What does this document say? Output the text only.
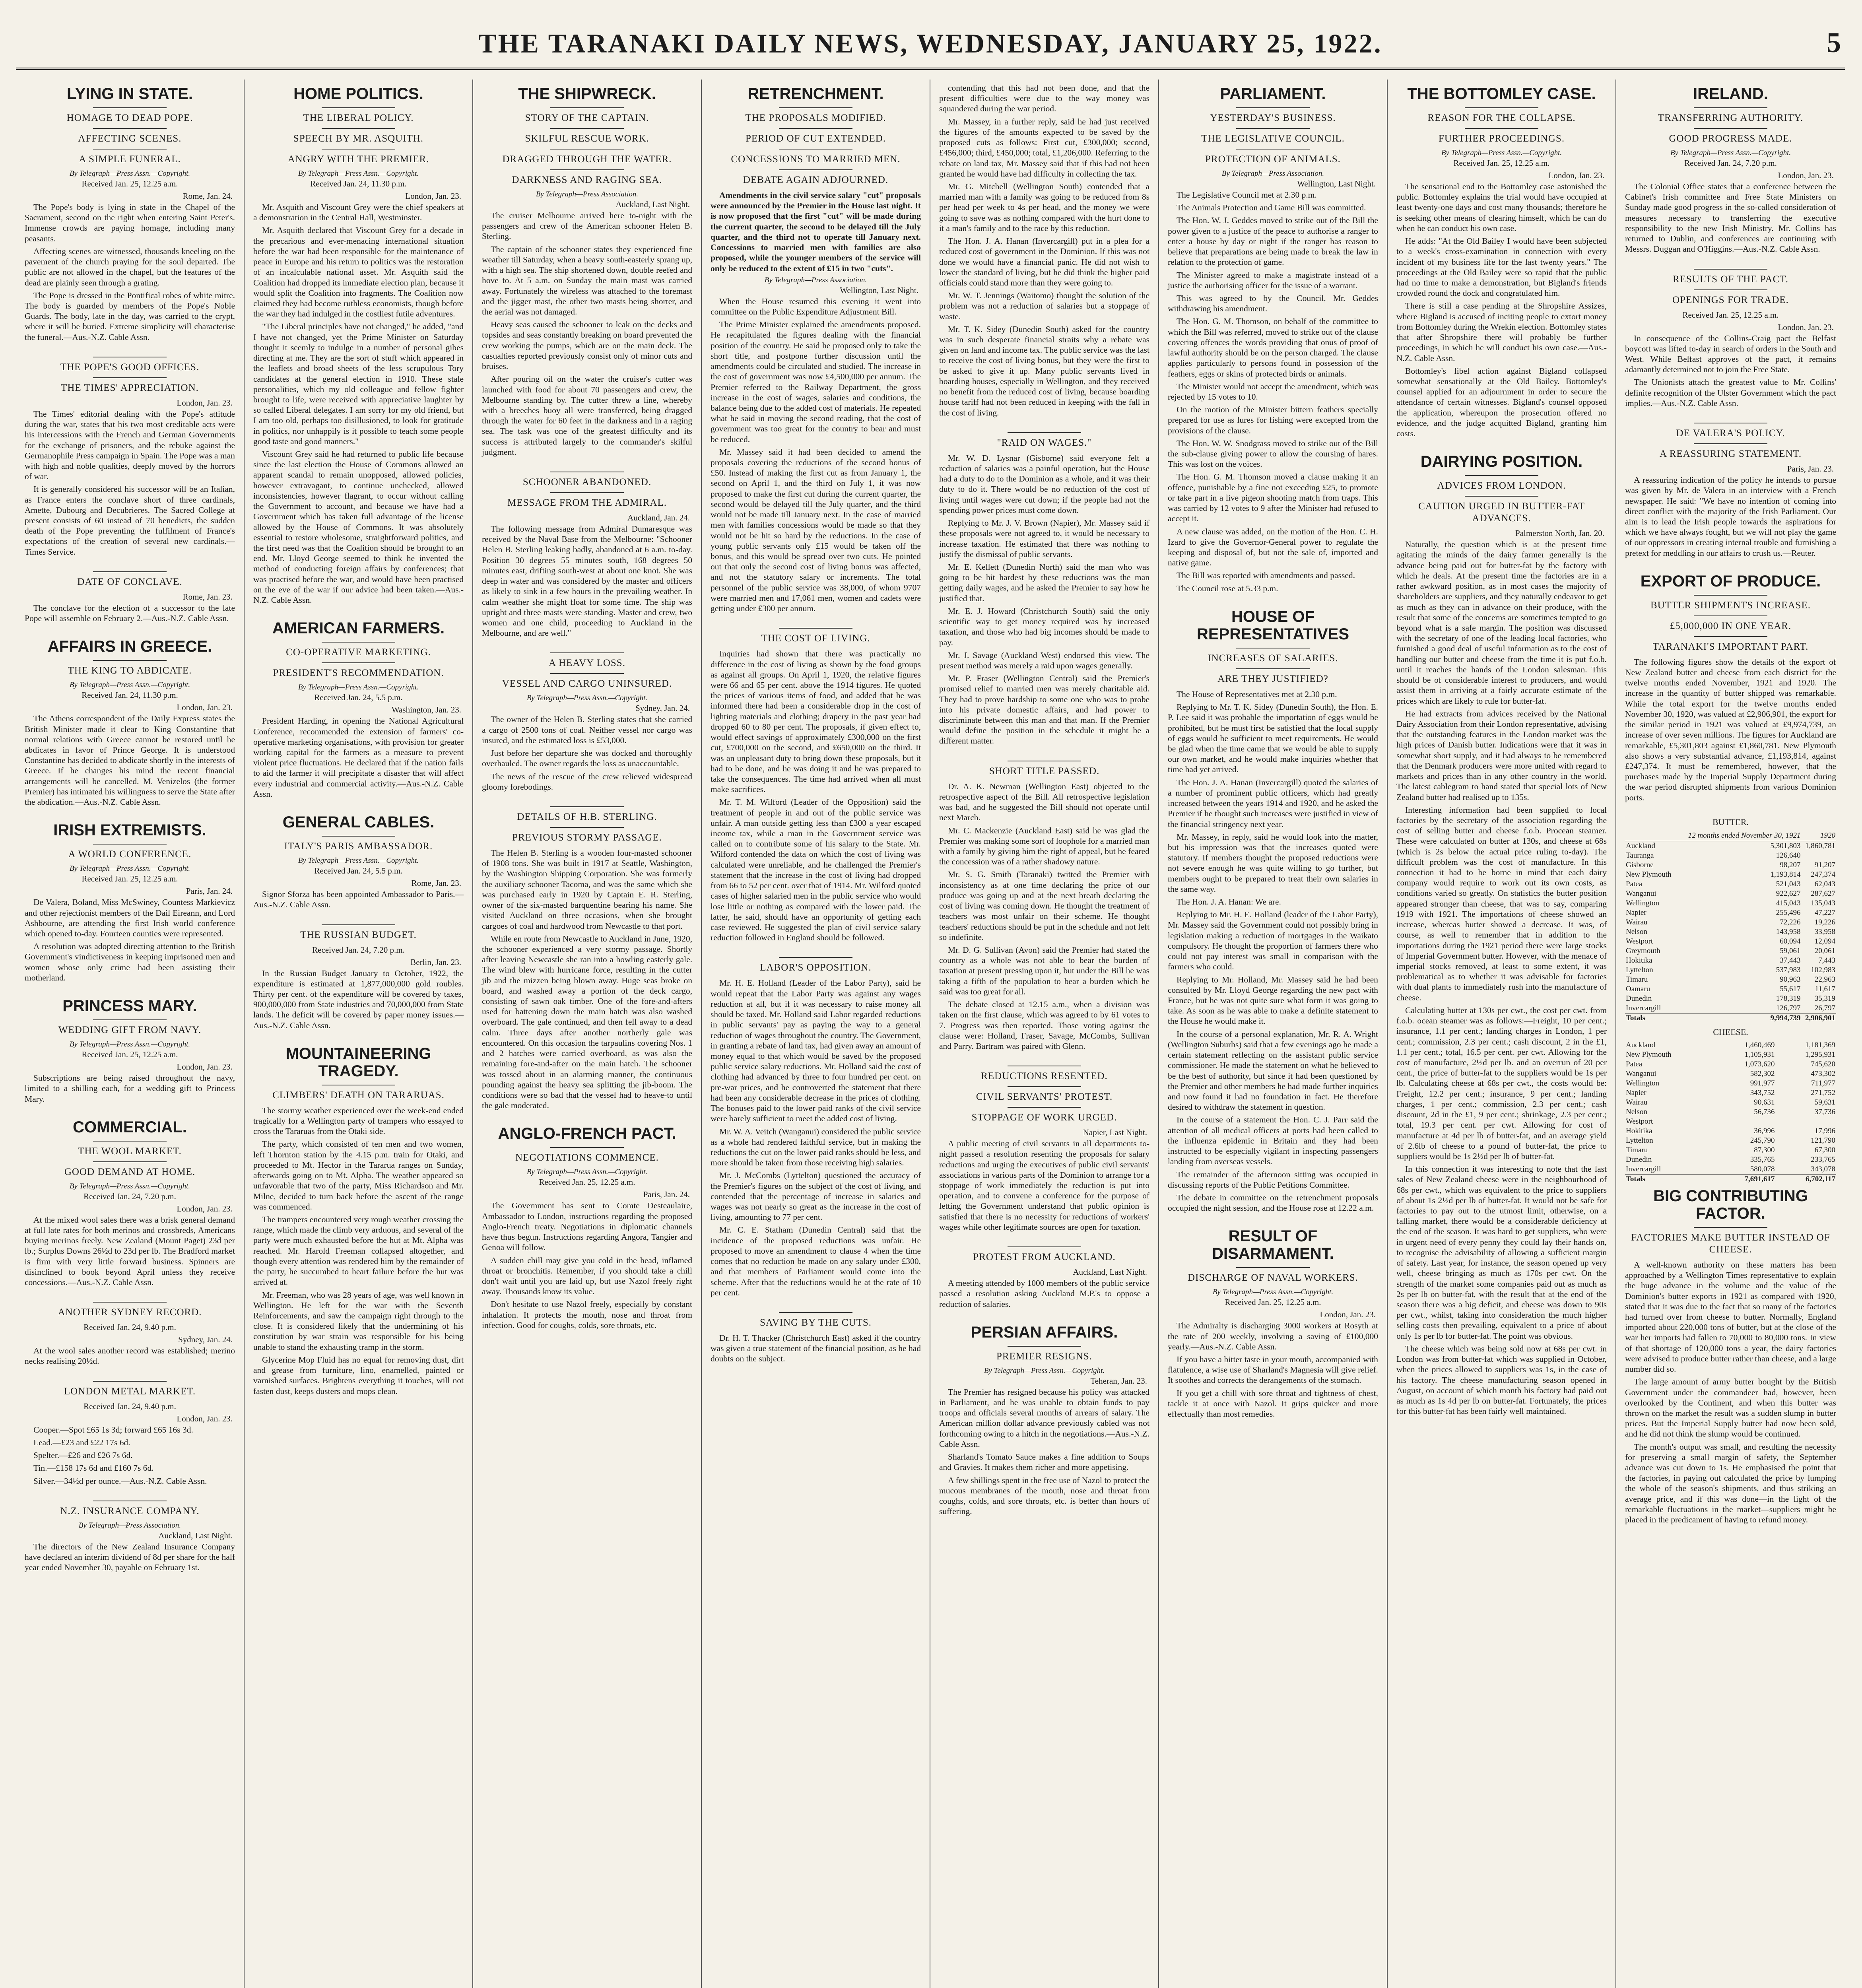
THE TARANAKI DAILY NEWS, WEDNESDAY, JANUARY 25, 1922.	5
LYING IN STATE.
HOMAGE TO DEAD POPE.
AFFECTING SCENES.
A SIMPLE FUNERAL.
By Telegraph—Press Assn.—Copyright.
Received Jan. 25, 12.25 a.m.
Rome, Jan. 24.

The Pope's body is lying in state in the Chapel of the Sacrament, second on the right when entering Saint Peter's. Immense crowds are paying homage, including many peasants.

Affecting scenes are witnessed, thousands kneeling on the pavement of the church praying for the soul departed. The public are not allowed in the chapel, but the features of the dead are plainly seen through a grating.

The Pope is dressed in the Pontifical robes of white mitre. The body is guarded by members of the Pope's Noble Guards. The body, late in the day, was carried to the crypt, where it will be buried. Extreme simplicity will characterise the funeral.—Aus.-N.Z. Cable Assn.

THE POPE'S GOOD OFFICES.
THE TIMES' APPRECIATION.
London, Jan. 23.

The Times' editorial dealing with the Pope's attitude during the war, states that his two most creditable acts were his intercessions with the French and German Governments for the exchange of prisoners, and the rebuke against the Germanophile Press campaign in Spain. The Pope was a man with high and noble qualities, deeply moved by the horrors of war.

It is generally considered his successor will be an Italian, as France enters the conclave short of three cardinals, Amette, Dubourg and Decubrieres. The Sacred College at present consists of 60 instead of 70 benedicts, the sudden death of the Pope preventing the fulfilment of France's expectations of the creation of several new cardinals.—Times Service.

DATE OF CONCLAVE.
Rome, Jan. 23.

The conclave for the election of a successor to the late Pope will assemble on February 2.—Aus.-N.Z. Cable Assn.

AFFAIRS IN GREECE.
THE KING TO ABDICATE.
By Telegraph—Press Assn.—Copyright.
Received Jan. 24, 11.30 p.m.
London, Jan. 23.

The Athens correspondent of the Daily Express states the British Minister made it clear to King Constantine that normal relations with Greece cannot be restored until he abdicates in favor of Prince George. It is understood Constantine has decided to abdicate shortly in the interests of Greece. If he changes his mind the recent financial arrangements will be cancelled. M. Venizelos (the former Premier) has intimated his willingness to serve the State after the abdication.—Aus.-N.Z. Cable Assn.

IRISH EXTREMISTS.
A WORLD CONFERENCE.
By Telegraph—Press Assn.—Copyright.
Received Jan. 25, 12.25 a.m.
Paris, Jan. 24.

De Valera, Boland, Miss McSwiney, Countess Markievicz and other rejectionist members of the Dail Eireann, and Lord Ashbourne, are attending the first Irish world conference which opened to-day. Fourteen counties were represented.

A resolution was adopted directing attention to the British Government's vindictiveness in keeping imprisoned men and women whose only crime had been assisting their motherland.

PRINCESS MARY.
WEDDING GIFT FROM NAVY.
By Telegraph—Press Assn.—Copyright.
Received Jan. 25, 12.25 a.m.
London, Jan. 23.

Subscriptions are being raised throughout the navy, limited to a shilling each, for a wedding gift to Princess Mary.

COMMERCIAL.
THE WOOL MARKET.
GOOD DEMAND AT HOME.
By Telegraph—Press Assn.—Copyright.
Received Jan. 24, 7.20 p.m.
London, Jan. 23.

At the mixed wool sales there was a brisk general demand at full late rates for both merinos and crossbreds, Americans buying merinos freely. New Zealand (Mount Paget) 23d per lb.; Surplus Downs 26½d to 23d per lb. The Bradford market is firm with very little forward business. Spinners are disinclined to book beyond April unless they receive concessions.—Aus.-N.Z. Cable Assn.

ANOTHER SYDNEY RECORD.
Received Jan. 24, 9.40 p.m.
Sydney, Jan. 24.

At the wool sales another record was established; merino necks realising 20½d.

LONDON METAL MARKET.
Received Jan. 24, 9.40 p.m.
London, Jan. 23.

Cooper.—Spot £65 1s 3d; forward £65 16s 3d.

Lead.—£23 and £22 17s 6d.

Spelter.—£26 and £26 7s 6d.

Tin.—£158 17s 6d and £160 7s 6d.

Silver.—34½d per ounce.—Aus.-N.Z. Cable Assn.

N.Z. INSURANCE COMPANY.
By Telegraph—Press Association.
Auckland, Last Night.

The directors of the New Zealand Insurance Company have declared an interim dividend of 8d per share for the half year ended November 30, payable on February 1st.

HOME POLITICS.
THE LIBERAL POLICY.
SPEECH BY MR. ASQUITH.
ANGRY WITH THE PREMIER.
By Telegraph—Press Assn.—Copyright.
Received Jan. 24, 11.30 p.m.
London, Jan. 23.

Mr. Asquith and Viscount Grey were the chief speakers at a demonstration in the Central Hall, Westminster.

Mr. Asquith declared that Viscount Grey for a decade in the precarious and ever-menacing international situation before the war had been responsible for the maintenance of peace in Europe and his return to politics was the restoration of an incalculable national asset. Mr. Asquith said the Coalition had dropped its immediate election plan, because it would split the Coalition into fragments. The Coalition now claimed they had become ruthless economists, though before the war they had indulged in the costliest futile adventures.

"The Liberal principles have not changed," he added, "and I have not changed, yet the Prime Minister on Saturday thought it seemly to indulge in a number of personal gibes directing at me. They are the sort of stuff which appeared in the leaflets and broad sheets of the less scrupulous Tory candidates at the general election in 1910. These stale personalities, which my old colleague and fellow fighter brought to life, were received with appreciative laughter by so called Liberal delegates. I am sorry for my old friend, but I am too old, perhaps too disillusioned, to look for gratitude in politics, nor unhappily is it possible to teach some people good taste and good manners."

Viscount Grey said he had returned to public life because since the last election the House of Commons allowed an apparent scandal to remain unopposed, allowed policies, however extravagant, to continue unchecked, allowed inconsistencies, however flagrant, to occur without calling the Government to account, and because we have had a Government which has taken full advantage of the license allowed by the House of Commons. It was absolutely essential to restore wholesome, straightforward politics, and the first need was that the Coalition should be brought to an end. Mr. Lloyd George seemed to think he invented the method of conducting foreign affairs by conferences; that was practised before the war, and would have been practised on the eve of the war if our advice had been taken.—Aus.-N.Z. Cable Assn.

AMERICAN FARMERS.
CO-OPERATIVE MARKETING.
PRESIDENT'S RECOMMENDATION.
By Telegraph—Press Assn.—Copyright.
Received Jan. 24, 5.5 p.m.
Washington, Jan. 23.

President Harding, in opening the National Agricultural Conference, recommended the extension of farmers' co-operative marketing organisations, with provision for greater working capital for the farmers as a measure to prevent violent price fluctuations. He declared that if the nation fails to aid the farmer it will precipitate a disaster that will affect every industrial and commercial activity.—Aus.-N.Z. Cable Assn.

GENERAL CABLES.
ITALY'S PARIS AMBASSADOR.
By Telegraph—Press Assn.—Copyright.
Received Jan. 24, 5.5 p.m.
Rome, Jan. 23.

Signor Sforza has been appointed Ambassador to Paris.—Aus.-N.Z. Cable Assn.

THE RUSSIAN BUDGET.
Received Jan. 24, 7.20 p.m.
Berlin, Jan. 23.

In the Russian Budget January to October, 1922, the expenditure is estimated at 1,877,000,000 gold roubles. Thirty per cent. of the expenditure will be covered by taxes, 900,000,000 from State industries and 70,000,000 from State lands. The deficit will be covered by paper money issues.—Aus.-N.Z. Cable Assn.

MOUNTAINEERING TRAGEDY.
CLIMBERS' DEATH ON TARARUAS.

The stormy weather experienced over the week-end ended tragically for a Wellington party of trampers who essayed to cross the Tararuas from the Otaki side.

The party, which consisted of ten men and two women, left Thornton station by the 4.15 p.m. train for Otaki, and proceeded to Mt. Hector in the Tararua ranges on Sunday, afterwards going on to Mt. Alpha. The weather appeared so unfavorable that two of the party, Miss Richardson and Mr. Milne, decided to turn back before the ascent of the range was commenced.

The trampers encountered very rough weather crossing the range, which made the climb very arduous, and several of the party were much exhausted before the hut at Mt. Alpha was reached. Mr. Harold Freeman collapsed altogether, and though every attention was rendered him by the remainder of the party, he succumbed to heart failure before the hut was arrived at.

Mr. Freeman, who was 28 years of age, was well known in Wellington. He left for the war with the Seventh Reinforcements, and saw the campaign right through to the close. It is considered likely that the undermining of his constitution by war strain was responsible for his being unable to stand the exhausting tramp in the storm.

Glycerine Mop Fluid has no equal for removing dust, dirt and grease from furniture, lino, enamelled, painted or varnished surfaces. Brightens everything it touches, will not fasten dust, keeps dusters and mops clean.

THE SHIPWRECK.
STORY OF THE CAPTAIN.
SKILFUL RESCUE WORK.
DRAGGED THROUGH THE WATER.
DARKNESS AND RAGING SEA.
By Telegraph—Press Association.
Auckland, Last Night.

The cruiser Melbourne arrived here to-night with the passengers and crew of the American schooner Helen B. Sterling.

The captain of the schooner states they experienced fine weather till Saturday, when a heavy south-easterly sprang up, with a high sea. The ship shortened down, double reefed and hove to. At 5 a.m. on Sunday the main mast was carried away. Fortunately the wireless was attached to the foremast and the jigger mast, the other two masts being shorter, and the aerial was not damaged.

Heavy seas caused the schooner to leak on the decks and topsides and seas constantly breaking on board prevented the crew working the pumps, which are on the main deck. The casualties reported previously consist only of minor cuts and bruises.

After pouring oil on the water the cruiser's cutter was launched with food for about 70 passengers and crew, the Melbourne standing by. The cutter threw a line, whereby with a breeches buoy all were transferred, being dragged through the water for 60 feet in the darkness and in a raging sea. The task was one of the greatest difficulty and its success is attributed largely to the commander's skilful judgment.

SCHOONER ABANDONED.
MESSAGE FROM THE ADMIRAL.
Auckland, Jan. 24.

The following message from Admiral Dumaresque was received by the Naval Base from the Melbourne: "Schooner Helen B. Sterling leaking badly, abandoned at 6 a.m. to-day. Position 30 degrees 55 minutes south, 168 degrees 50 minutes east, drifting south-west at about one knot. She was deep in water and was considered by the master and officers as likely to sink in a few hours in the prevailing weather. In calm weather she might float for some time. The ship was upright and three masts were standing. Master and crew, two women and one child, proceeding to Auckland in the Melbourne, and are well."

A HEAVY LOSS.
VESSEL AND CARGO UNINSURED.
By Telegraph—Press Assn.—Copyright.
Sydney, Jan. 24.

The owner of the Helen B. Sterling states that she carried a cargo of 2500 tons of coal. Neither vessel nor cargo was insured, and the estimated loss is £53,000.

Just before her departure she was docked and thoroughly overhauled. The owner regards the loss as unaccountable.

The news of the rescue of the crew relieved widespread gloomy forebodings.

DETAILS OF H.B. STERLING.
PREVIOUS STORMY PASSAGE.

The Helen B. Sterling is a wooden four-masted schooner of 1908 tons. She was built in 1917 at Seattle, Washington, by the Washington Shipping Corporation. She was formerly the auxiliary schooner Tacoma, and was the same which she was purchased early in 1920 by Captain E. R. Sterling, owner of the six-masted barquentine bearing his name. She visited Auckland on three occasions, when she brought cargoes of coal and hardwood from Newcastle to that port.

While en route from Newcastle to Auckland in June, 1920, the schooner experienced a very stormy passage. Shortly after leaving Newcastle she ran into a howling easterly gale. The wind blew with hurricane force, resulting in the cutter jib and the mizzen being blown away. Huge seas broke on board, and washed away a portion of the deck cargo, consisting of sawn oak timber. One of the fore-and-afters used for battening down the main hatch was also washed overboard. The gale continued, and then fell away to a dead calm. Three days after another northerly gale was encountered. On this occasion the tarpaulins covering Nos. 1 and 2 hatches were carried overboard, as was also the remaining fore-and-after on the main hatch. The schooner was tossed about in an alarming manner, the continuous pounding against the heavy sea splitting the jib-boom. The conditions were so bad that the vessel had to heave-to until the gale moderated.

ANGLO-FRENCH PACT.
NEGOTIATIONS COMMENCE.
By Telegraph—Press Assn.—Copyright.
Received Jan. 25, 12.25 a.m.
Paris, Jan. 24.

The Government has sent to Comte Desteaulaire, Ambassador to London, instructions regarding the proposed Anglo-French treaty. Negotiations in diplomatic channels have thus begun. Instructions regarding Angora, Tangier and Genoa will follow.

A sudden chill may give you cold in the head, inflamed throat or bronchitis. Remember, if you should take a chill don't wait until you are laid up, but use Nazol freely right away. Thousands know its value.

Don't hesitate to use Nazol freely, especially by constant inhalation. It protects the mouth, nose and throat from infection. Good for coughs, colds, sore throats, etc.

RETRENCHMENT.
THE PROPOSALS MODIFIED.
PERIOD OF CUT EXTENDED.
CONCESSIONS TO MARRIED MEN.
DEBATE AGAIN ADJOURNED.

Amendments in the civil service salary "cut" proposals were announced by the Premier in the House last night. It is now proposed that the first "cut" will be made during the current quarter, the second to be delayed till the July quarter, and the third not to operate till January next. Concessions to married men with families are also proposed, while the younger members of the service will only be reduced to the extent of £15 in two "cuts".

By Telegraph—Press Association.
Wellington, Last Night.

When the House resumed this evening it went into committee on the Public Expenditure Adjustment Bill.

The Prime Minister explained the amendments proposed. He recapitulated the figures dealing with the financial position of the country. He said he proposed only to take the short title, and postpone further discussion until the amendments could be circulated and studied. The increase in the cost of government was now £4,500,000 per annum. The Premier referred to the Railway Department, the gross increase in the cost of wages, salaries and conditions, the balance being due to the added cost of materials. He repeated what he said in moving the second reading, that the cost of government was too great for the country to bear and must be reduced.

Mr. Massey said it had been decided to amend the proposals covering the reductions of the second bonus of £50. Instead of making the first cut as from January 1, the second on April 1, and the third on July 1, it was now proposed to make the first cut during the current quarter, the second would be delayed till the July quarter, and the third would not be made till January next. In the case of married men with families concessions would be made so that they would not be hit so hard by the reductions. In the case of young public servants only £15 would be taken off the bonus, and this would be spread over two cuts. He pointed out that only the second cost of living bonus was affected, and not the statutory salary or increments. The total personnel of the public service was 38,000, of whom 9707 were married men and 17,061 men, women and cadets were getting under £300 per annum.

THE COST OF LIVING.

Inquiries had shown that there was practically no difference in the cost of living as shown by the food groups as against all groups. On April 1, 1920, the relative figures were 66 and 65 per cent. above the 1914 figures. He quoted the prices of various items of food, and added that he was informed there had been a considerable drop in the cost of lighting materials and clothing; drapery in the past year had dropped 60 to 80 per cent. The proposals, if given effect to, would effect savings of approximately £300,000 on the first cut, £700,000 on the second, and £650,000 on the third. It was an unpleasant duty to bring down these proposals, but it had to be done, and he was doing it and he was prepared to take the consequences. The time had arrived when all must make sacrifices.

Mr. T. M. Wilford (Leader of the Opposition) said the treatment of people in and out of the public service was unfair. A man outside getting less than £300 a year escaped income tax, while a man in the Government service was called on to contribute some of his salary to the State. Mr. Wilford contended the data on which the cost of living was calculated were unreliable, and he challenged the Premier's statement that the increase in the cost of living had dropped from 66 to 52 per cent. over that of 1914. Mr. Wilford quoted cases of higher salaried men in the public service who would lose little or nothing as compared with the lower paid. The latter, he said, should have an opportunity of getting each case reviewed. He suggested the plan of civil service salary reduction followed in England should be followed.

LABOR'S OPPOSITION.

Mr. H. E. Holland (Leader of the Labor Party), said he would repeat that the Labor Party was against any wages reduction at all, but if it was necessary to raise money all should be taxed. Mr. Holland said Labor regarded reductions in public servants' pay as paying the way to a general reduction of wages throughout the country. The Government, in granting a rebate of land tax, had given away an amount of money equal to that which would be saved by the proposed public service salary reductions. Mr. Holland said the cost of clothing had advanced by three to four hundred per cent. on pre-war prices, and he controverted the statement that there had been any considerable decrease in the prices of clothing. The bonuses paid to the lower paid ranks of the civil service were barely sufficient to meet the added cost of living.

Mr. W. A. Veitch (Wanganui) considered the public service as a whole had rendered faithful service, but in making the reductions the cut on the lower paid ranks should be less, and more should be taken from those receiving high salaries.

Mr. J. McCombs (Lyttelton) questioned the accuracy of the Premier's figures on the subject of the cost of living, and contended that the percentage of increase in salaries and wages was not nearly so great as the increase in the cost of living, amounting to 77 per cent.

Mr. C. E. Statham (Dunedin Central) said that the incidence of the proposed reductions was unfair. He proposed to move an amendment to clause 4 when the time comes that no reduction be made on any salary under £300, and that members of Parliament would come into the scheme. After that the reductions would be at the rate of 10 per cent.

SAVING BY THE CUTS.

Dr. H. T. Thacker (Christchurch East) asked if the country was given a true statement of the financial position, as he had doubts on the subject.

contending that this had not been done, and that the present difficulties were due to the way money was squandered during the war period.

Mr. Massey, in a further reply, said he had just received the figures of the amounts expected to be saved by the proposed cuts as follows: First cut, £300,000; second, £456,000; third, £450,000; total, £1,206,000. Referring to the rebate on land tax, Mr. Massey said that if this had not been granted he would have had difficulty in collecting the tax.

Mr. G. Mitchell (Wellington South) contended that a married man with a family was going to be reduced from 8s per head per week to 4s per head, and the money we were going to save was as nothing compared with the hurt done to it a man's family and to the race by this reduction.

The Hon. J. A. Hanan (Invercargill) put in a plea for a reduced cost of government in the Dominion. If this was not done we would have a financial panic. He did not wish to lower the standard of living, but he did think the higher paid officials could stand more than they were going to.

Mr. W. T. Jennings (Waitomo) thought the solution of the problem was not a reduction of salaries but a stoppage of waste.

Mr. T. K. Sidey (Dunedin South) asked for the country was in such desperate financial straits why a rebate was given on land and income tax. The public service was the last to receive the cost of living bonus, but they were the first to be asked to give it up. Many public servants lived in boarding houses, especially in Wellington, and they received no benefit from the reduced cost of living, because boarding house tariff had not been reduced in keeping with the fall in the cost of living.

"RAID ON WAGES."

Mr. W. D. Lysnar (Gisborne) said everyone felt a reduction of salaries was a painful operation, but the House had a duty to do to the Dominion as a whole, and it was their duty to do it. There would be no reduction of the cost of living until wages were cut down; if the people had not the spending power prices must come down.

Replying to Mr. J. V. Brown (Napier), Mr. Massey said if these proposals were not agreed to, it would be necessary to increase taxation. He estimated that there was nothing to justify the dismissal of public servants.

Mr. E. Kellett (Dunedin North) said the man who was going to be hit hardest by these reductions was the man getting daily wages, and he asked the Premier to say how he justified that.

Mr. E. J. Howard (Christchurch South) said the only scientific way to get money required was by increased taxation, and those who had big incomes should be made to pay.

Mr. J. Savage (Auckland West) endorsed this view. The present method was merely a raid upon wages generally.

Mr. P. Fraser (Wellington Central) said the Premier's promised relief to married men was merely charitable aid. They had to prove hardship to some one who was to probe into his private domestic affairs, and had power to discriminate between this man and that man. If the Premier would define the position in the schedule it might be a different matter.

SHORT TITLE PASSED.

Dr. A. K. Newman (Wellington East) objected to the retrospective aspect of the Bill. All retrospective legislation was bad, and he suggested the Bill should not operate until next March.

Mr. C. Mackenzie (Auckland East) said he was glad the Premier was making some sort of loophole for a married man with a family by giving him the right of appeal, but he feared the concession was of a rather shadowy nature.

Mr. S. G. Smith (Taranaki) twitted the Premier with inconsistency as at one time declaring the price of our produce was going up and at the next breath declaring the cost of living was coming down. He thought the treatment of teachers was most unfair on their scheme. He thought teachers' reductions should be put in the schedule and not left so indefinite.

Mr. D. G. Sullivan (Avon) said the Premier had stated the country as a whole was not able to bear the burden of taxation at present pressing upon it, but under the Bill he was taking a fifth of the population to bear a burden which he said was too great for all.

The debate closed at 12.15 a.m., when a division was taken on the first clause, which was agreed to by 61 votes to 7. Progress was then reported. Those voting against the clause were: Holland, Fraser, Savage, McCombs, Sullivan and Parry. Bartram was paired with Glenn.

REDUCTIONS RESENTED.
CIVIL SERVANTS' PROTEST.
STOPPAGE OF WORK URGED.
Napier, Last Night.

A public meeting of civil servants in all departments to-night passed a resolution resenting the proposals for salary reductions and urging the executives of public civil servants' associations in various parts of the Dominion to arrange for a stoppage of work immediately the reduction is put into operation, and to convene a conference for the purpose of letting the Government understand that public opinion is satisfied that there is no necessity for reductions of workers' wages while other legitimate sources are open for taxation.

PROTEST FROM AUCKLAND.
Auckland, Last Night.

A meeting attended by 1000 members of the public service passed a resolution asking Auckland M.P.'s to oppose a reduction of salaries.

PERSIAN AFFAIRS.
PREMIER RESIGNS.
By Telegraph—Press Assn.—Copyright.
Teheran, Jan. 23.

The Premier has resigned because his policy was attacked in Parliament, and he was unable to obtain funds to pay troops and officials several months of arrears of salary. The American million dollar advance previously cabled was not forthcoming owing to a hitch in the negotiations.—Aus.-N.Z. Cable Assn.

Sharland's Tomato Sauce makes a fine addition to Soups and Gravies. It makes them richer and more appetising.

A few shillings spent in the free use of Nazol to protect the mucous membranes of the mouth, nose and throat from coughs, colds, and sore throats, etc. is better than hours of suffering.

PARLIAMENT.
YESTERDAY'S BUSINESS.
THE LEGISLATIVE COUNCIL.
PROTECTION OF ANIMALS.
By Telegraph—Press Association.
Wellington, Last Night.

The Legislative Council met at 2.30 p.m.

The Animals Protection and Game Bill was committed.

The Hon. W. J. Geddes moved to strike out of the Bill the power given to a justice of the peace to authorise a ranger to enter a house by day or night if the ranger has reason to believe that preparations are being made to break the law in relation to the protection of game.

The Minister agreed to make a magistrate instead of a justice the authorising officer for the issue of a warrant.

This was agreed to by the Council, Mr. Geddes withdrawing his amendment.

The Hon. G. M. Thomson, on behalf of the committee to which the Bill was referred, moved to strike out of the clause covering offences the words providing that onus of proof of lawful authority should be on the person charged. The clause applies particularly to persons found in possession of the feathers, eggs or skins of protected birds or animals.

The Minister would not accept the amendment, which was rejected by 15 votes to 10.

On the motion of the Minister bittern feathers specially prepared for use as lures for fishing were excepted from the provisions of the clause.

The Hon. W. W. Snodgrass moved to strike out of the Bill the sub-clause giving power to allow the coursing of hares. This was lost on the voices.

The Hon. G. M. Thomson moved a clause making it an offence, punishable by a fine not exceeding £25, to promote or take part in a live pigeon shooting match from traps. This was carried by 12 votes to 9 after the Minister had refused to accept it.

A new clause was added, on the motion of the Hon. C. H. Izard to give the Governor-General power to regulate the keeping and disposal of, but not the sale of, imported and native game.

The Bill was reported with amendments and passed.

The Council rose at 5.33 p.m.

HOUSE OF REPRESENTATIVES
INCREASES OF SALARIES.
ARE THEY JUSTIFIED?

The House of Representatives met at 2.30 p.m.

Replying to Mr. T. K. Sidey (Dunedin South), the Hon. E. P. Lee said it was probable the importation of eggs would be prohibited, but he must first be satisfied that the local supply of eggs would be sufficient to meet requirements. He would be glad when the time came that we would be able to supply our own market, and he would make inquiries whether that time had yet arrived.

The Hon. J. A. Hanan (Invercargill) quoted the salaries of a number of prominent public officers, which had greatly increased between the years 1914 and 1920, and he asked the Premier if he thought such increases were justified in view of the financial stringency next year.

Mr. Massey, in reply, said he would look into the matter, but his impression was that the increases quoted were statutory. If members thought the proposed reductions were not severe enough he was quite willing to go further, but members ought to be prepared to treat their own salaries in the same way.

The Hon. J. A. Hanan: We are.

Replying to Mr. H. E. Holland (leader of the Labor Party), Mr. Massey said the Government could not possibly bring in legislation making a reduction of mortgages in the Waikato compulsory. He thought the proportion of farmers there who could not pay interest was small in comparison with the farmers who could.

Replying to Mr. Holland, Mr. Massey said he had been consulted by Mr. Lloyd George regarding the new pact with France, but he was not quite sure what form it was going to take. As soon as he was able to make a definite statement to the House he would make it.

In the course of a personal explanation, Mr. R. A. Wright (Wellington Suburbs) said that a few evenings ago he made a certain statement reflecting on the assistant public service commissioner. He made the statement on what he believed to be the best of authority, but since it had been questioned by the Premier and other members he had made further inquiries and now found it had no foundation in fact. He therefore desired to withdraw the statement in question.

In the course of a statement the Hon. C. J. Parr said the attention of all medical officers at ports had been called to the influenza epidemic in Britain and they had been instructed to be especially vigilant in inspecting passengers landing from overseas vessels.

The remainder of the afternoon sitting was occupied in discussing reports of the Public Petitions Committee.

The debate in committee on the retrenchment proposals occupied the night session, and the House rose at 12.22 a.m.

RESULT OF DISARMAMENT.
DISCHARGE OF NAVAL WORKERS.
By Telegraph—Press Assn.—Copyright.
Received Jan. 25, 12.25 a.m.
London, Jan. 23.

The Admiralty is discharging 3000 workers at Rosyth at the rate of 200 weekly, involving a saving of £100,000 yearly.—Aus.-N.Z. Cable Assn.

If you have a bitter taste in your mouth, accompanied with flatulence, a wise use of Sharland's Magnesia will give relief. It soothes and corrects the derangements of the stomach.

If you get a chill with sore throat and tightness of chest, tackle it at once with Nazol. It grips quicker and more effectually than most remedies.

THE BOTTOMLEY CASE.
REASON FOR THE COLLAPSE.
FURTHER PROCEEDINGS.
By Telegraph—Press Assn.—Copyright.
Received Jan. 25, 12.25 a.m.
London, Jan. 23.

The sensational end to the Bottomley case astonished the public. Bottomley explains the trial would have occupied at least twenty-one days and cost many thousands; therefore he is seeking other means of clearing himself, which he can do when he can conduct his own case.

He adds: "At the Old Bailey I would have been subjected to a week's cross-examination in connection with every incident of my business life for the last twenty years." The proceedings at the Old Bailey were so rapid that the public had no time to make a demonstration, but Bigland's friends crowded round the dock and congratulated him.

There is still a case pending at the Shropshire Assizes, where Bigland is accused of inciting people to extort money from Bottomley during the Wrekin election. Bottomley states that after Shropshire there will probably be further proceedings, in which he will conduct his own case.—Aus.-N.Z. Cable Assn.

Bottomley's libel action against Bigland collapsed somewhat sensationally at the Old Bailey. Bottomley's counsel applied for an adjournment in order to secure the attendance of certain witnesses. Bigland's counsel opposed the application, whereupon the prosecution offered no evidence, and the judge acquitted Bigland, granting him costs.

DAIRYING POSITION.
ADVICES FROM LONDON.
CAUTION URGED IN BUTTER-FAT ADVANCES.
Palmerston North, Jan. 20.

Naturally, the question which is at the present time agitating the minds of the dairy farmer generally is the advance being paid out for butter-fat by the factory with which he deals. At the present time the factories are in a rather awkward position, as in most cases the majority of shareholders are suppliers, and they naturally endeavor to get as much as they can in advance on their produce, with the result that some of the concerns are sometimes tempted to go beyond what is a safe margin. The position was discussed with the secretary of one of the leading local factories, who furnished a good deal of useful information as to the cost of handling our butter and cheese from the time it is put f.o.b. until it reaches the hands of the London salesman. This should be of considerable interest to producers, and would assist them in arriving at a fairly accurate estimate of the prices which are likely to rule for butter-fat.

He had extracts from advices received by the National Dairy Association from their London representative, advising that the outstanding features in the London market was the high prices of Danish butter. Indications were that it was in somewhat short supply, and it had always to be remembered that the Denmark producers were more united with regard to markets and prices than in any other country in the world. The latest cablegram to hand stated that special lots of New Zealand butter had realised up to 135s.

Interesting information had been supplied to local factories by the secretary of the association regarding the cost of selling butter and cheese f.o.b. Procean steamer. These were calculated on butter at 130s, and cheese at 68s (which is 2s below the actual price ruling to-day). The difficult problem was the cost of manufacture. In this connection it had to be borne in mind that each dairy company would require to work out its own costs, as conditions varied so greatly. On statistics the butter position appeared stronger than cheese, that was to say, comparing 1919 with 1921. The importations of cheese showed an increase, whereas butter showed a decrease. It was, of course, as well to remember that in addition to the importations during the 1921 period there were large stocks of Imperial Government butter. However, with the menace of imperial stocks removed, at least to some extent, it was problematical as to whether it was advisable for factories with dual plants to immediately rush into the manufacture of cheese.

Calculating butter at 130s per cwt., the cost per cwt. from f.o.b. ocean steamer was as follows:—Freight, 10 per cent.; insurance, 1.1 per cent.; landing charges in London, 1 per cent.; commission, 2.3 per cent.; cash discount, 2 in the £1, 1.1 per cent.; total, 16.5 per cent. per cwt. Allowing for the cost of manufacture, 2½d per lb. and an overrun of 20 per cent., the price of butter-fat to the suppliers would be 1s per lb. Calculating cheese at 68s per cwt., the costs would be: Freight, 12.2 per cent.; insurance, 9 per cent.; landing charges, 1 per cent.; commission, 2.3 per cent.; cash discount, 2d in the £1, 9 per cent.; shrinkage, 2.3 per cent.; total, 19.3 per cent. per cwt. Allowing for cost of manufacture at 4d per lb of butter-fat, and an average yield of 2.6lb of cheese to a pound of butter-fat, the price to suppliers would be 1s 2½d per lb of butter-fat.

In this connection it was interesting to note that the last sales of New Zealand cheese were in the neighbourhood of 68s per cwt., which was equivalent to the price to suppliers of about 1s 2½d per lb of butter-fat. It would not be safe for factories to pay out to the utmost limit, otherwise, on a falling market, there would be a considerable deficiency at the end of the season. It was hard to get suppliers, who were in urgent need of every penny they could lay their hands on, to recognise the advisability of allowing a sufficient margin of safety. Last year, for instance, the season opened up very well, cheese bringing as much as 170s per cwt. On the strength of the market some companies paid out as much as 2s per lb on butter-fat, with the result that at the end of the season there was a big deficit, and cheese was down to 90s per cwt., whilst, taking into consideration the much higher selling costs then prevailing, equivalent to a price of about only 1s per lb for butter-fat. The point was obvious.

The cheese which was being sold now at 68s per cwt. in London was from butter-fat which was supplied in October, when the prices allowed to suppliers was 1s, in the case of his factory. The cheese manufacturing season opened in August, on account of which month his factory had paid out as much as 1s 4d per lb on butter-fat. Fortunately, the prices for this butter-fat has been fairly well maintained.

IRELAND.
TRANSFERRING AUTHORITY.
GOOD PROGRESS MADE.
By Telegraph—Press Assn.—Copyright.
Received Jan. 24, 7.20 p.m.
London, Jan. 23.

The Colonial Office states that a conference between the Cabinet's Irish committee and Free State Ministers on Sunday made good progress in the so-called consideration of measures necessary to transferring the executive responsibility to the new Irish Ministry. Mr. Collins has returned to Dublin, and conferences are continuing with Messrs. Duggan and O'Higgins.—Aus.-N.Z. Cable Assn.

RESULTS OF THE PACT.
OPENINGS FOR TRADE.
Received Jan. 25, 12.25 a.m.
London, Jan. 23.

In consequence of the Collins-Craig pact the Belfast boycott was lifted to-day in search of orders in the South and West. While Belfast approves of the pact, it remains adamantly determined not to join the Free State.

The Unionists attach the greatest value to Mr. Collins' definite recognition of the Ulster Government which the pact implies.—Aus.-N.Z. Cable Assn.

DE VALERA'S POLICY.
A REASSURING STATEMENT.
Paris, Jan. 23.

A reassuring indication of the policy he intends to pursue was given by Mr. de Valera in an interview with a French newspaper. He said: "We have no intention of coming into direct conflict with the majority of the Irish Parliament. Our aim is to lead the Irish people towards the aspirations for which we have always fought, but we will not play the game of our oppressors in creating internal trouble and furnishing a pretext for meddling in our affairs to crush us.—Reuter.

EXPORT OF PRODUCE.
BUTTER SHIPMENTS INCREASE.
£5,000,000 IN ONE YEAR.
TARANAKI'S IMPORTANT PART.

The following figures show the details of the export of New Zealand butter and cheese from each district for the twelve months ended November, 1921 and 1920. The increase in the quantity of butter shipped was remarkable. While the total export for the twelve months ended November 30, 1920, was valued at £2,906,901, the export for the similar period in 1921 was valued at £9,974,739, an increase of over seven millions. The figures for Auckland are remarkable, £5,301,803 against £1,860,781. New Plymouth also shows a very substantial advance, £1,193,814, against £247,374. It must be remembered, however, that the purchases made by the Imperial Supply Department during the war period disrupted shipments from various Dominion ports.

BUTTER.
	12 months ended November 30, 1921	1920
Auckland	5,301,803	1,860,781
Tauranga	126,640	
Gisborne	98,207	91,207
New Plymouth	1,193,814	247,374
Patea	521,043	62,043
Wanganui	922,627	287,627
Wellington	415,043	135,043
Napier	255,496	47,227
Wairau	72,226	19,226
Nelson	143,958	33,958
Westport	60,094	12,094
Greymouth	59,061	20,061
Hokitika	37,443	7,443
Lyttelton	537,983	102,983
Timaru	90,963	22,963
Oamaru	55,617	11,617
Dunedin	178,319	35,319
Invercargill	126,797	26,797
Totals	9,994,739	2,906,901
CHEESE.
Auckland	1,460,469	1,181,369
New Plymouth	1,105,931	1,295,931
Patea	1,073,620	745,620
Wanganui	582,302	473,302
Wellington	991,977	711,977
Napier	343,752	271,752
Wairau	90,631	59,631
Nelson	56,736	37,736
Westport		
Hokitika	36,996	17,996
Lyttelton	245,790	121,790
Timaru	87,300	67,300
Dunedin	335,765	233,765
Invercargill	580,078	343,078
Totals	7,691,617	6,702,117
BIG CONTRIBUTING FACTOR.
FACTORIES MAKE BUTTER INSTEAD OF CHEESE.

A well-known authority on these matters has been approached by a Wellington Times representative to explain the huge advance in the volume and the value of the Dominion's butter exports in 1921 as compared with 1920, stated that it was due to the fact that so many of the factories had turned over from cheese to butter. Normally, England imported about 220,000 tons of butter, but at the close of the war her imports had fallen to 70,000 to 80,000 tons. In view of that shortage of 120,000 tons a year, the dairy factories were advised to produce butter rather than cheese, and a large number did so.

The large amount of army butter bought by the British Government under the commandeer had, however, been overlooked by the Continent, and when this butter was thrown on the market the result was a sudden slump in butter prices. But the Imperial Supply butter had now been sold, and he did not think the slump would be continued.

The month's output was small, and resulting the necessity for preserving a small margin of safety, the September advance was cut down to 1s. He emphasised the point that the factories, in paying out calculated the price by lumping the whole of the season's shipments, and thus striking an average price, and if this was done—in the light of the remarkable fluctuations in the market—suppliers might be placed in the predicament of having to refund money.
